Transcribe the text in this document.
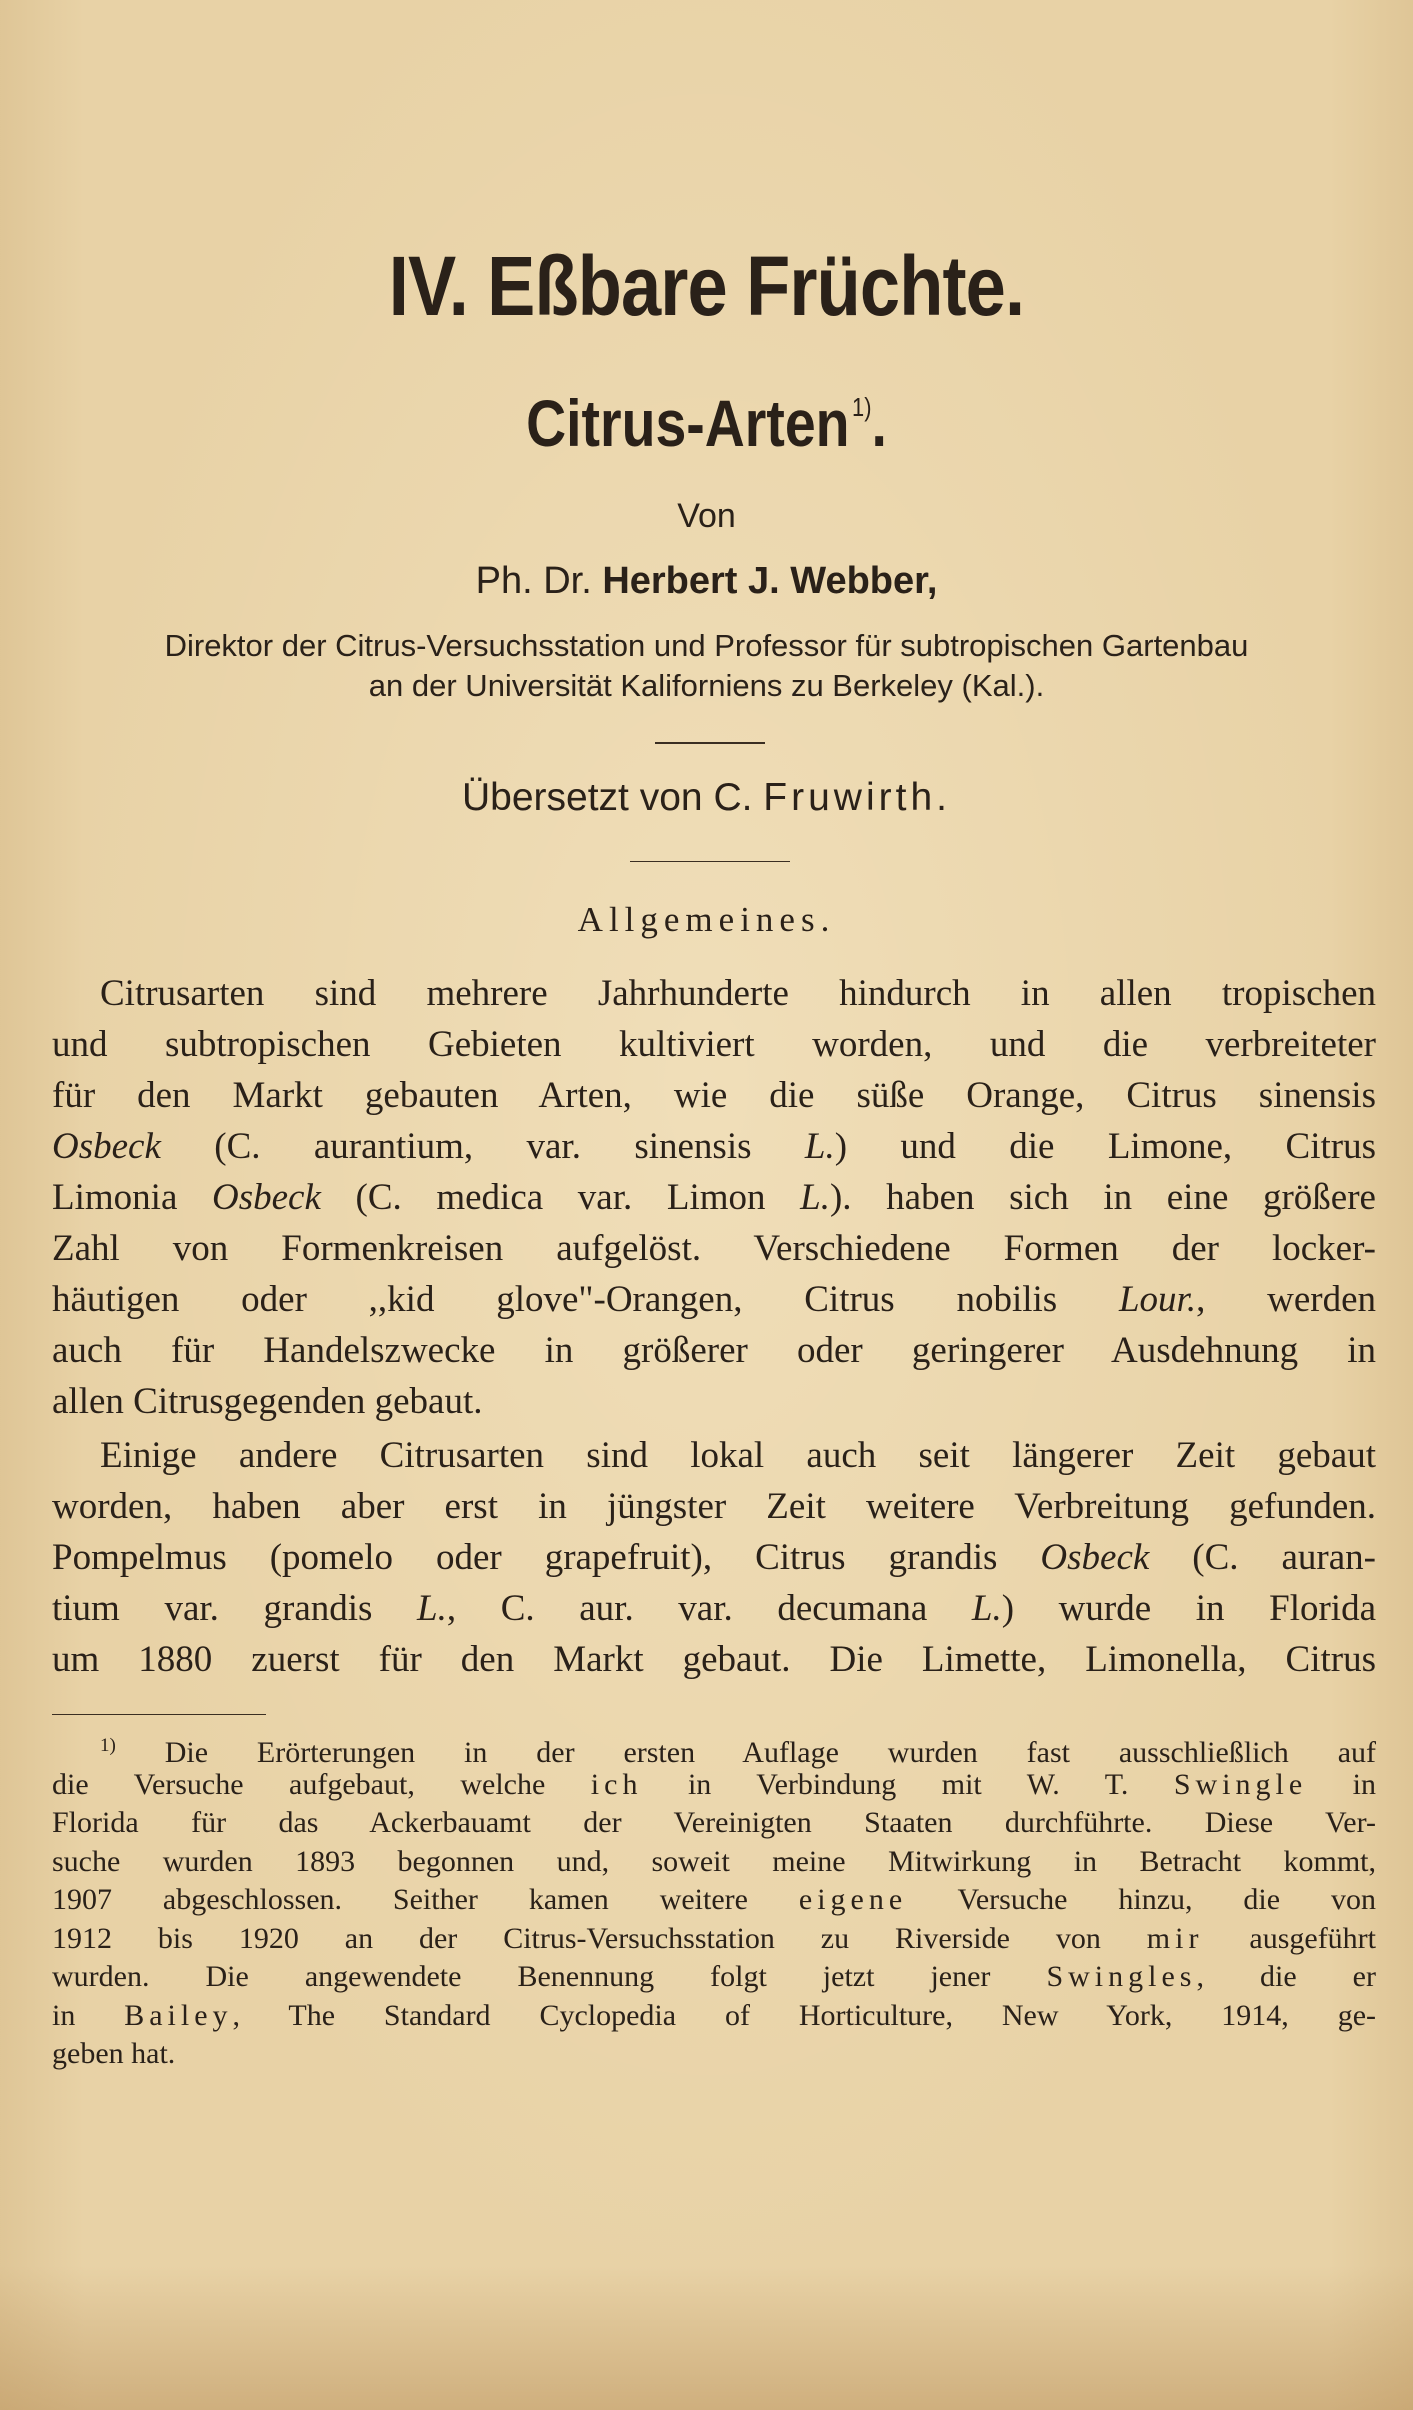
IV. Eßbare Früchte.
Citrus-Arten$^{1)}$.
Von
Ph. Dr. Herbert J. Webber,
Direktor der Citrus-Versuchsstation und Professor für subtropischen Gartenbau
an der Universität Kaliforniens zu Berkeley (Kal.).
Übersetzt von C. Fruwirth.
Allgemeines.
Citrusarten sind mehrere Jahrhunderte hindurch in allen tropischen
und subtropischen Gebieten kultiviert worden, und die verbreiteter
für den Markt gebauten Arten, wie die süße Orange, Citrus sinensis
Osbeck (C. aurantium, var. sinensis L.) und die Limone, Citrus
Limonia Osbeck (C. medica var. Limon L.). haben sich in eine größere
Zahl von Formenkreisen aufgelöst. Verschiedene Formen der locker-
häutigen oder ,,kid glove"-Orangen, Citrus nobilis Lour., werden
auch für Handelszwecke in größerer oder geringerer Ausdehnung in
allen Citrusgegenden gebaut.
Einige andere Citrusarten sind lokal auch seit längerer Zeit gebaut
worden, haben aber erst in jüngster Zeit weitere Verbreitung gefunden.
Pompelmus (pomelo oder grapefruit), Citrus grandis Osbeck (C. auran-
tium var. grandis L., C. aur. var. decumana L.) wurde in Florida
um 1880 zuerst für den Markt gebaut. Die Limette, Limonella, Citrus
$^{1)}$ Die Erörterungen in der ersten Auflage wurden fast ausschließlich auf
die Versuche aufgebaut, welche ich in Verbindung mit W. T. Swingle in
Florida für das Ackerbauamt der Vereinigten Staaten durchführte. Diese Ver-
suche wurden 1893 begonnen und, soweit meine Mitwirkung in Betracht kommt,
1907 abgeschlossen. Seither kamen weitere eigene Versuche hinzu, die von
1912 bis 1920 an der Citrus-Versuchsstation zu Riverside von mir ausgeführt
wurden. Die angewendete Benennung folgt jetzt jener Swingles, die er
in Bailey, The Standard Cyclopedia of Horticulture, New York, 1914, ge-
geben hat.
